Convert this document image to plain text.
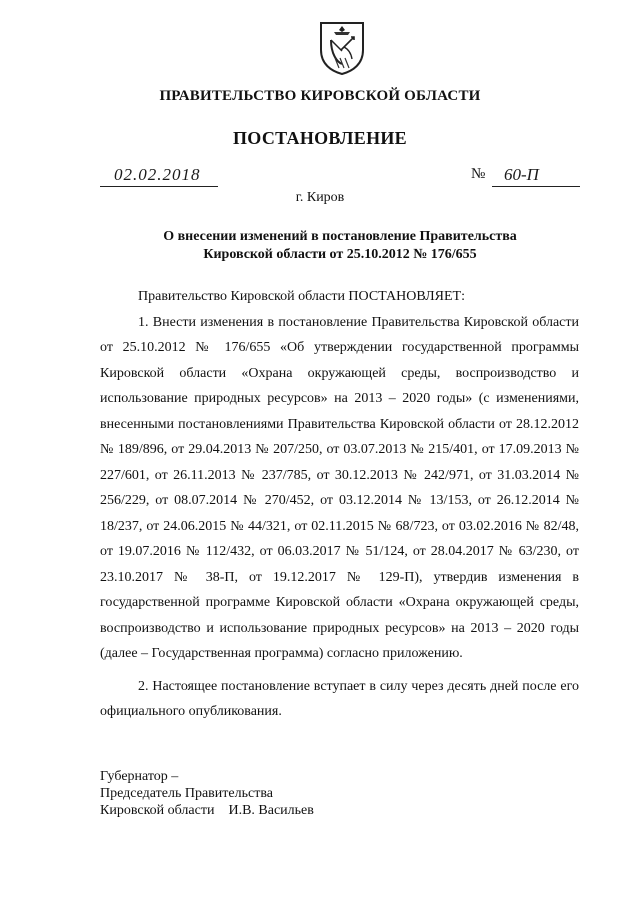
ПРАВИТЕЛЬСТВО КИРОВСКОЙ ОБЛАСТИ
ПОСТАНОВЛЕНИЕ
02.02.2018	№ 60-П
г. Киров
О внесении изменений в постановление Правительства
Кировской области от 25.10.2012 № 176/655

Правительство Кировской области ПОСТАНОВЛЯЕТ:

1. Внести изменения в постановление Правительства Кировской области от 25.10.2012 № 176/655 «Об утверждении государственной программы Кировской области «Охрана окружающей среды, воспроизводство и использование природных ресурсов» на 2013 – 2020 годы» (с изменениями, внесенными постановлениями Правительства Кировской области от 28.12.2012 № 189/896, от 29.04.2013 № 207/250, от 03.07.2013 № 215/401, от 17.09.2013 № 227/601, от 26.11.2013 № 237/785, от 30.12.2013 № 242/971, от 31.03.2014 № 256/229, от 08.07.2014 № 270/452, от 03.12.2014 № 13/153, от 26.12.2014 № 18/237, от 24.06.2015 № 44/321, от 02.11.2015 № 68/723, от 03.02.2016 № 82/48, от 19.07.2016 № 112/432, от 06.03.2017 № 51/124, от 28.04.2017 № 63/230, от 23.10.2017 № 38-П, от 19.12.2017 № 129-П), утвердив изменения в государственной программе Кировской области «Охрана окружающей среды, воспроизводство и использование природных ресурсов» на 2013 – 2020 годы (далее – Государственная программа) согласно приложению.

2. Настоящее постановление вступает в силу через десять дней после его официального опубликования.

Губернатор –
Председатель Правительства
Кировской области И.В. Васильев
